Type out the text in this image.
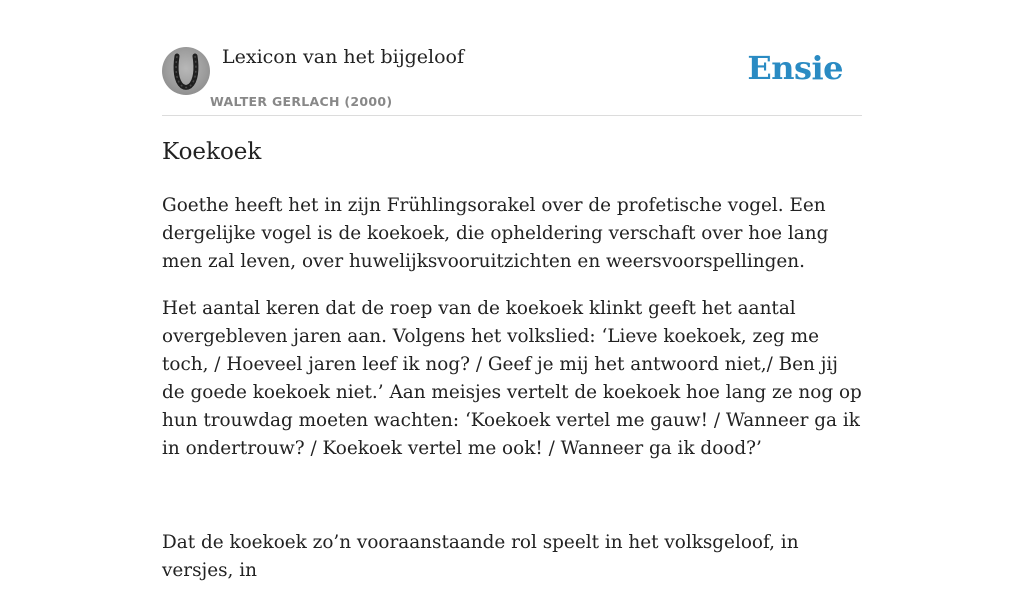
Lexicon van het bijgeloof
WALTER GERLACH (2000)
Ensie
Koekoek

Goethe heeft het in zijn Frühlingsorakel over de profetische vogel. Een dergelijke vogel is de koekoek, die opheldering verschaft over hoe lang men zal leven, over huwelijksvooruitzichten en weersvoorspellingen.

Het aantal keren dat de roep van de koekoek klinkt geeft het aantal overgebleven jaren aan. Volgens het volkslied: ‘Lieve koekoek, zeg me toch, / Hoeveel jaren leef ik nog? / Geef je mij het antwoord niet,/ Ben jij de goede koekoek niet.’ Aan meisjes vertelt de koekoek hoe lang ze nog op hun trouwdag moeten wachten: ‘Koekoek vertel me gauw! / Wanneer ga ik in ondertrouw? / Koekoek vertel me ook! / Wanneer ga ik dood?’

Dat de koekoek zo’n vooraanstaande rol speelt in het volksgeloof, in versjes, in
